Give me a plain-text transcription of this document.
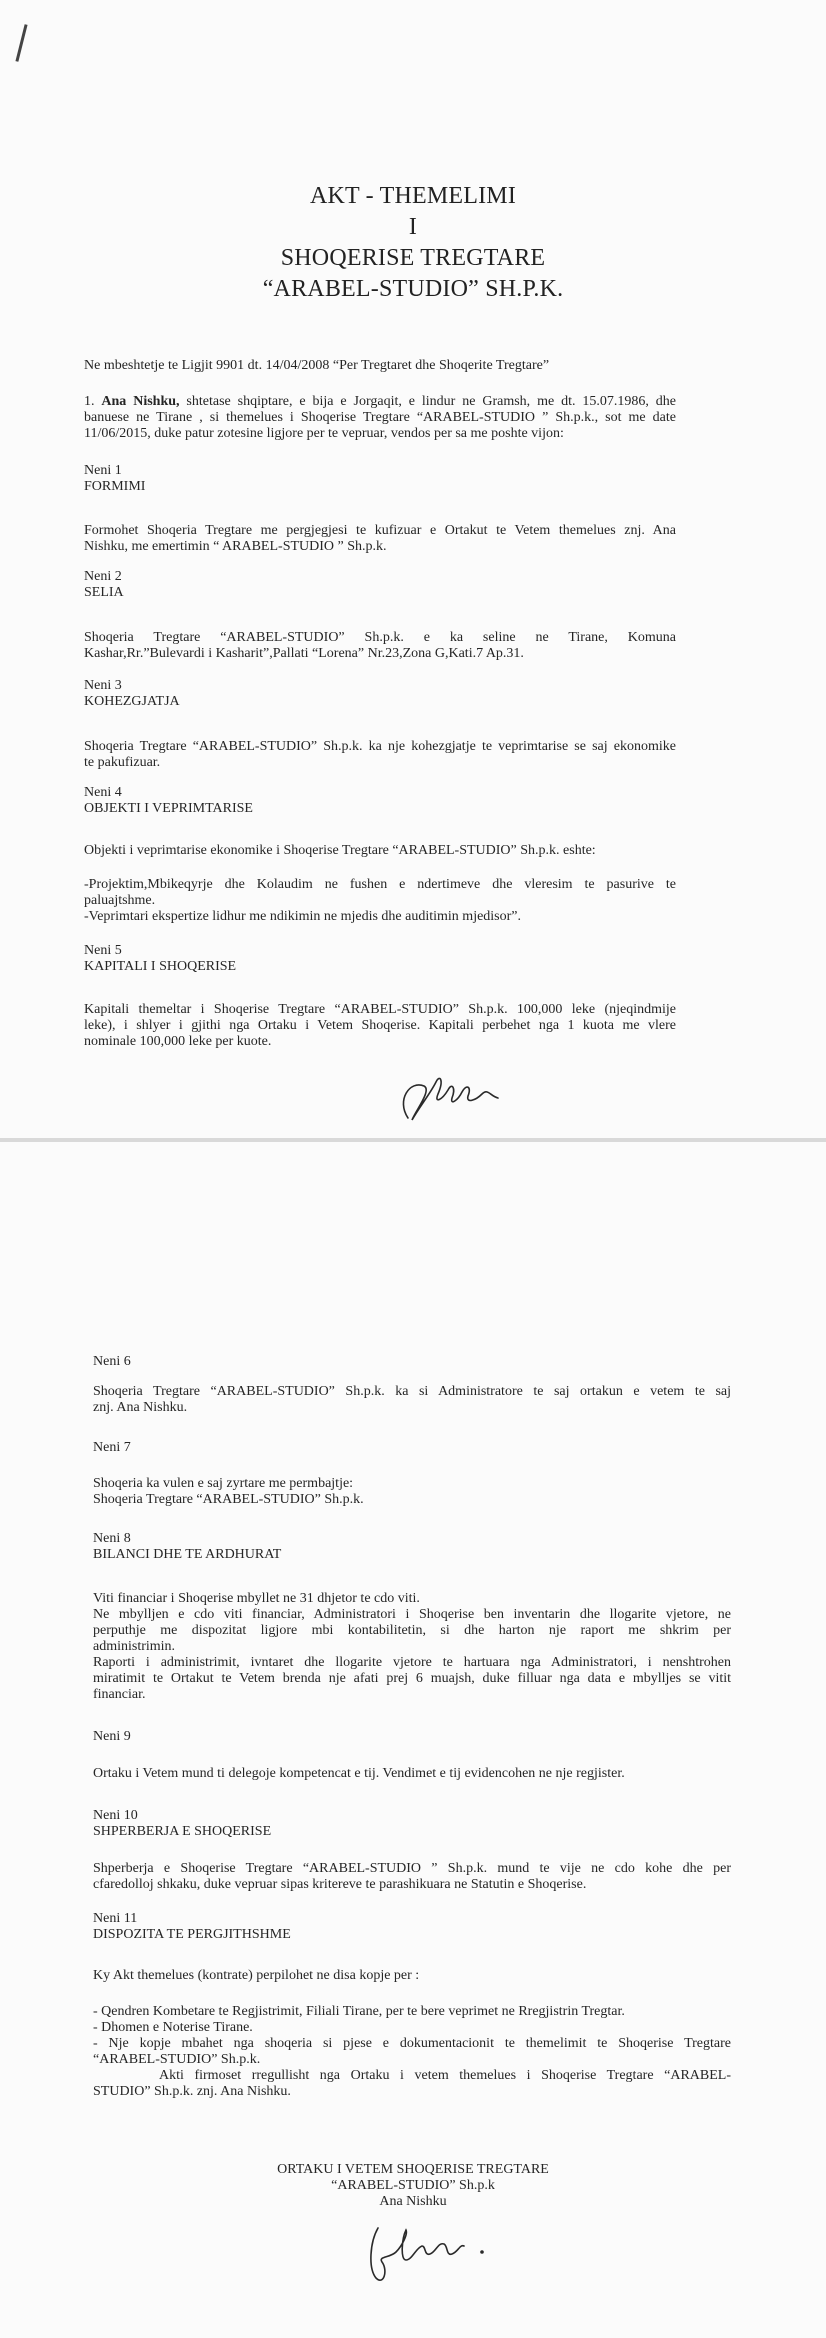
AKT - THEMELIMI
I
SHOQERISE TREGTARE
“ARABEL-STUDIO” SH.P.K.
Ne mbeshtetje te Ligjit 9901 dt. 14/04/2008 “Per Tregtaret dhe Shoqerite Tregtare”
1. Ana Nishku, shtetase shqiptare, e bija e Jorgaqit, e lindur ne Gramsh, me dt. 15.07.1986, dhe
banuese ne Tirane , si themelues i Shoqerise Tregtare “ARABEL-STUDIO ” Sh.p.k., sot me date
11/06/2015, duke patur zotesine ligjore per te vepruar, vendos per sa me poshte vijon:
Neni 1
FORMIMI
Formohet Shoqeria Tregtare me pergjegjesi te kufizuar e Ortakut te Vetem themelues znj. Ana
Nishku, me emertimin “ ARABEL-STUDIO ” Sh.p.k.
Neni 2
SELIA
Shoqeria Tregtare “ARABEL-STUDIO” Sh.p.k. e ka seline ne Tirane, Komuna
Kashar,Rr.”Bulevardi i Kasharit”,Pallati “Lorena” Nr.23,Zona G,Kati.7 Ap.31.
Neni 3
KOHEZGJATJA
Shoqeria Tregtare “ARABEL-STUDIO” Sh.p.k. ka nje kohezgjatje te veprimtarise se saj ekonomike
te pakufizuar.
Neni 4
OBJEKTI I VEPRIMTARISE
Objekti i veprimtarise ekonomike i Shoqerise Tregtare “ARABEL-STUDIO” Sh.p.k. eshte:
-Projektim,Mbikeqyrje dhe Kolaudim ne fushen e ndertimeve dhe vleresim te pasurive te
paluajtshme.
-Veprimtari ekspertize lidhur me ndikimin ne mjedis dhe auditimin mjedisor”.
Neni 5
KAPITALI I SHOQERISE
Kapitali themeltar i Shoqerise Tregtare “ARABEL-STUDIO” Sh.p.k. 100,000 leke (njeqindmije
leke), i shlyer i gjithi nga Ortaku i Vetem Shoqerise. Kapitali perbehet nga 1 kuota me vlere
nominale 100,000 leke per kuote.
Neni 6
Shoqeria Tregtare “ARABEL-STUDIO” Sh.p.k. ka si Administratore te saj ortakun e vetem te saj
znj. Ana Nishku.
Neni 7
Shoqeria ka vulen e saj zyrtare me permbajtje:
Shoqeria Tregtare “ARABEL-STUDIO” Sh.p.k.
Neni 8
BILANCI DHE TE ARDHURAT
Viti financiar i Shoqerise mbyllet ne 31 dhjetor te cdo viti.
Ne mbylljen e cdo viti financiar, Administratori i Shoqerise ben inventarin dhe llogarite vjetore, ne
perputhje me dispozitat ligjore mbi kontabilitetin, si dhe harton nje raport me shkrim per
administrimin.
Raporti i administrimit, ivntaret dhe llogarite vjetore te hartuara nga Administratori, i nenshtrohen
miratimit te Ortakut te Vetem brenda nje afati prej 6 muajsh, duke filluar nga data e mbylljes se vitit
financiar.
Neni 9
Ortaku i Vetem mund ti delegoje kompetencat e tij. Vendimet e tij evidencohen ne nje regjister.
Neni 10
SHPERBERJA E SHOQERISE
Shperberja e Shoqerise Tregtare “ARABEL-STUDIO ” Sh.p.k. mund te vije ne cdo kohe dhe per
cfaredolloj shkaku, duke vepruar sipas kritereve te parashikuara ne Statutin e Shoqerise.
Neni 11
DISPOZITA TE PERGJITHSHME
Ky Akt themelues (kontrate) perpilohet ne disa kopje per :
- Qendren Kombetare te Regjistrimit, Filiali Tirane, per te bere veprimet ne Rregjistrin Tregtar.
- Dhomen e Noterise Tirane.
- Nje kopje mbahet nga shoqeria si pjese e dokumentacionit te themelimit te Shoqerise Tregtare
“ARABEL-STUDIO” Sh.p.k.
Akti firmoset rregullisht nga Ortaku i vetem themelues i Shoqerise Tregtare “ARABEL-
STUDIO” Sh.p.k. znj. Ana Nishku.
ORTAKU I VETEM SHOQERISE TREGTARE
“ARABEL-STUDIO” Sh.p.k
Ana Nishku
